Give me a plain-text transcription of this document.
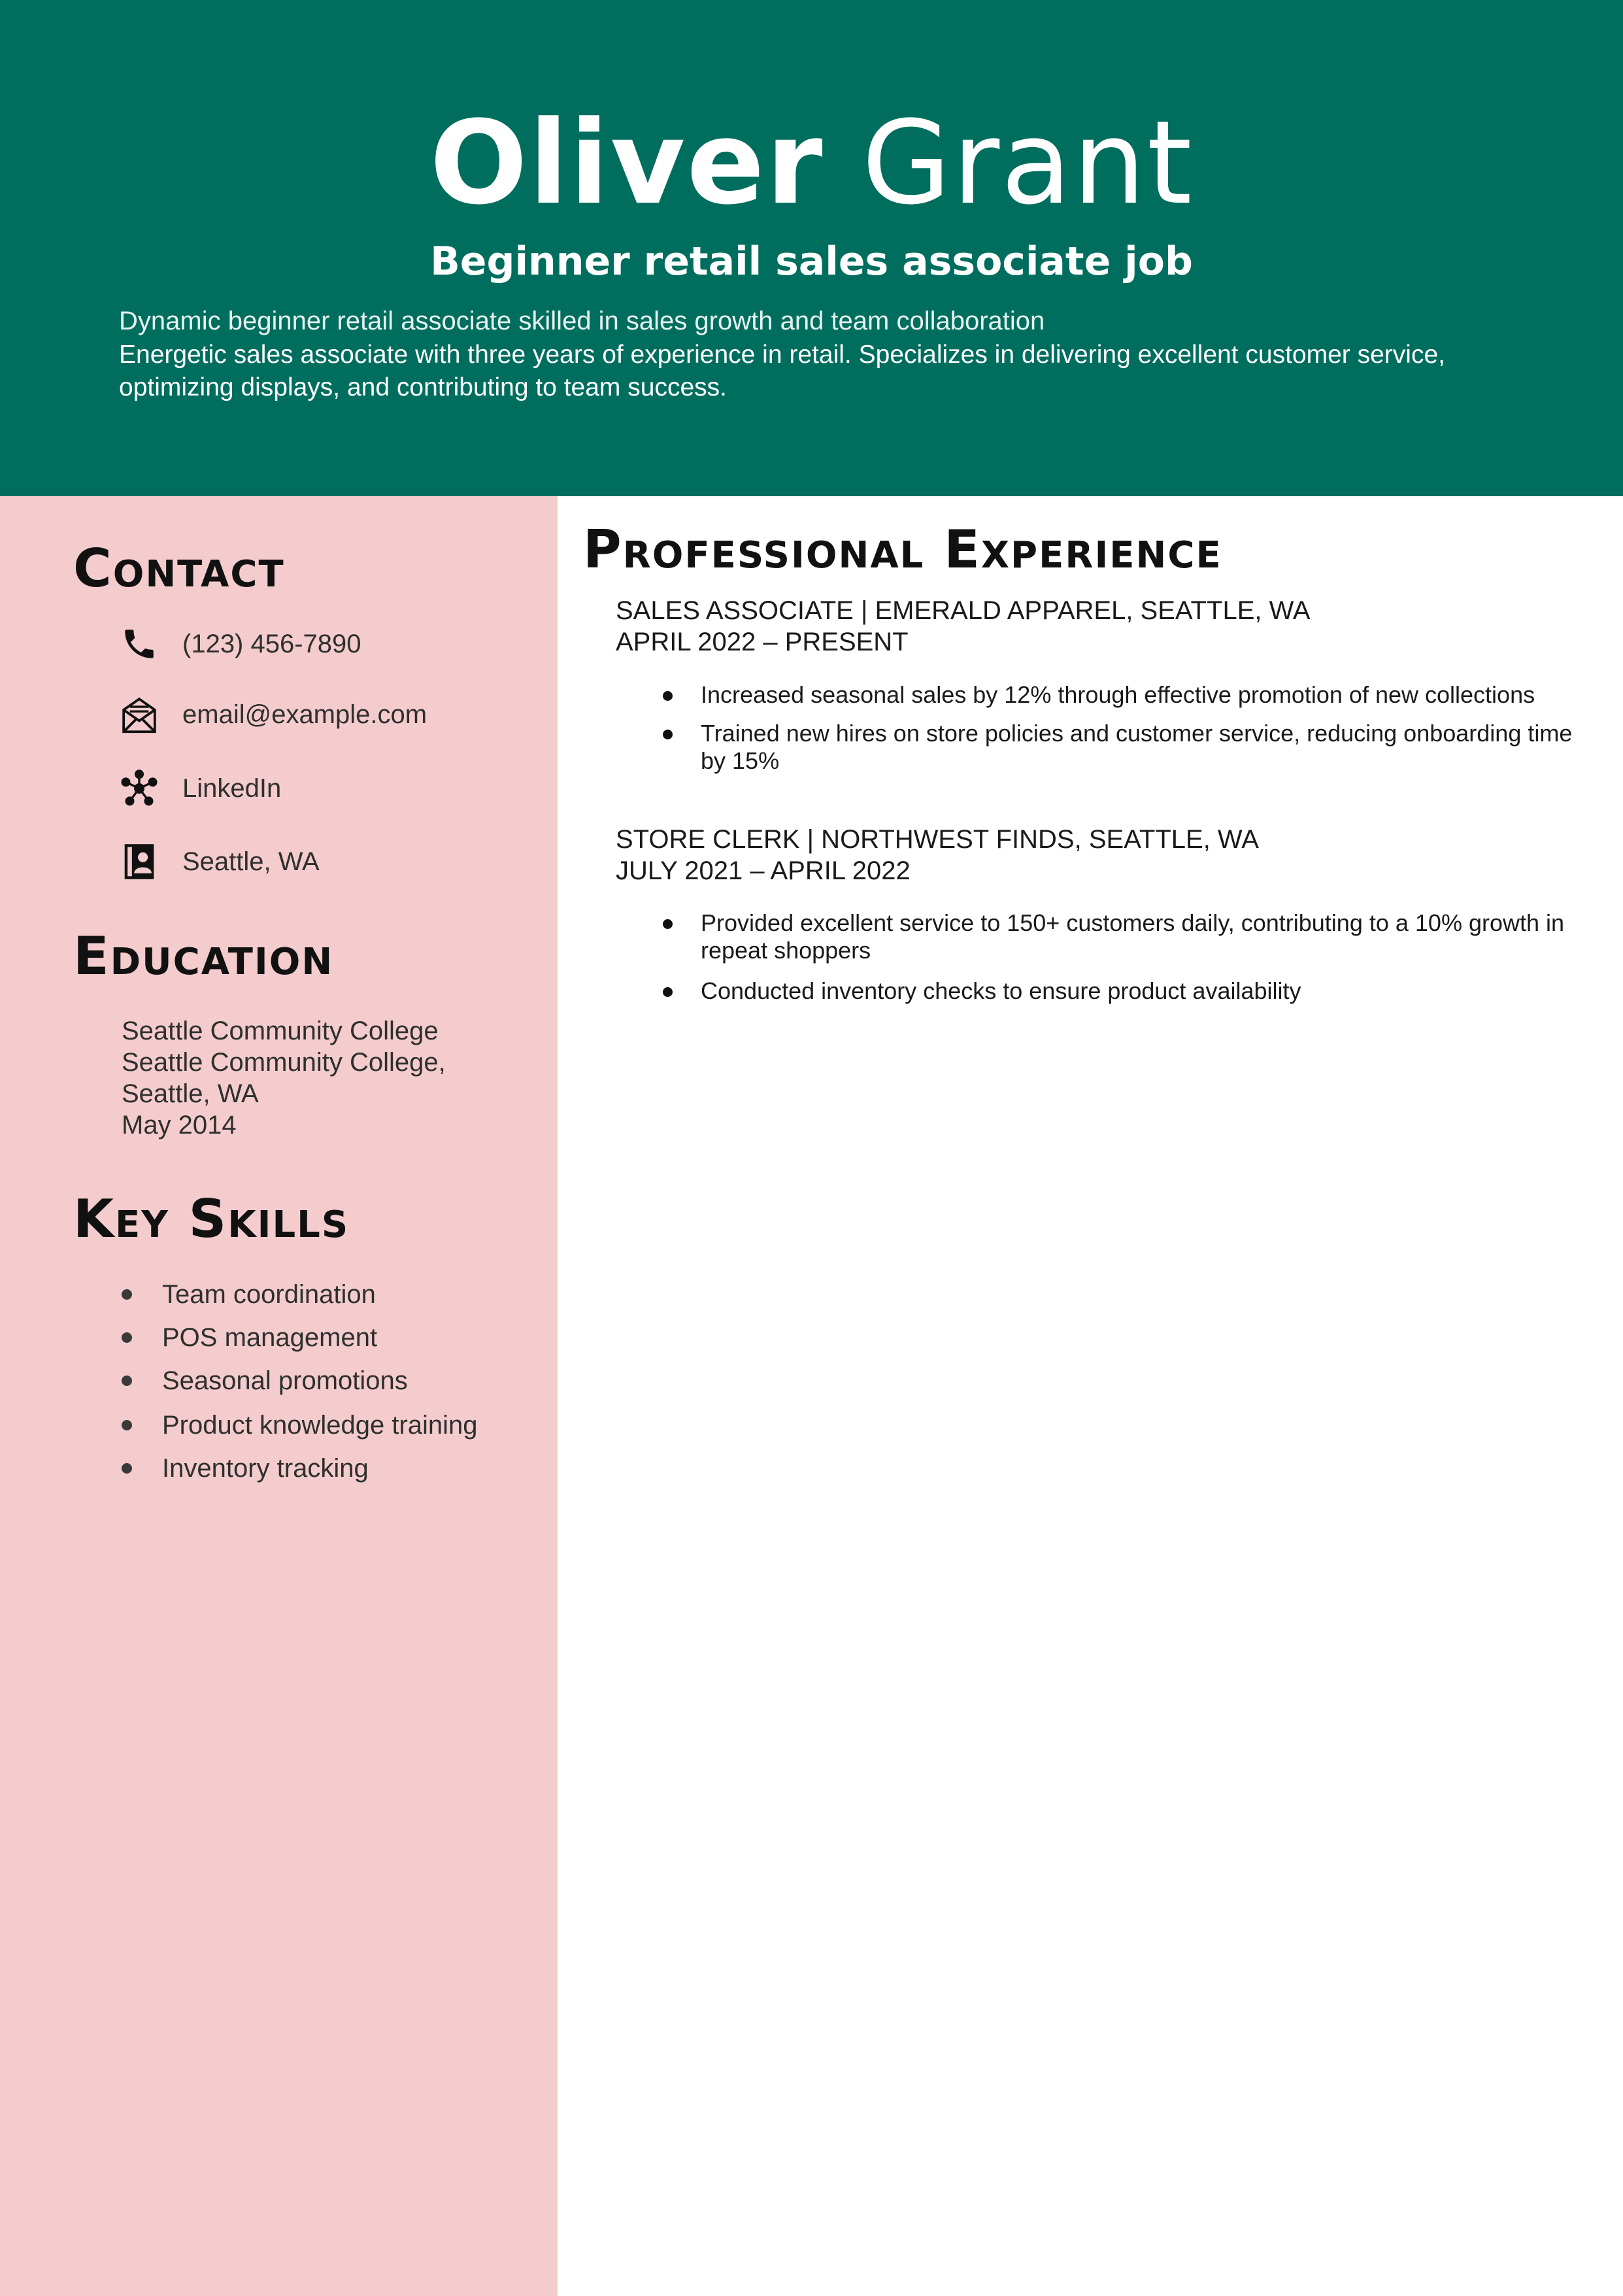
Oliver Grant
Beginner retail sales associate job
Dynamic beginner retail associate skilled in sales growth and team collaboration
Energetic sales associate with three years of experience in retail. Specializes in delivering excellent customer service, optimizing displays, and contributing to team success.
Contact
(123) 456-7890
email@example.com
LinkedIn
Seattle, WA
Education
Seattle Community College
Seattle Community College,
Seattle, WA
May 2014
Key Skills
Team coordination
POS management
Seasonal promotions
Product knowledge training
Inventory tracking
Professional Experience
SALES ASSOCIATE | EMERALD APPAREL, SEATTLE, WA
APRIL 2022 – PRESENT
Increased seasonal sales by 12% through effective promotion of new collections
Trained new hires on store policies and customer service, reducing onboarding time by 15%
STORE CLERK | NORTHWEST FINDS, SEATTLE, WA
JULY 2021 – APRIL 2022
Provided excellent service to 150+ customers daily, contributing to a 10% growth in repeat shoppers
Conducted inventory checks to ensure product availability
